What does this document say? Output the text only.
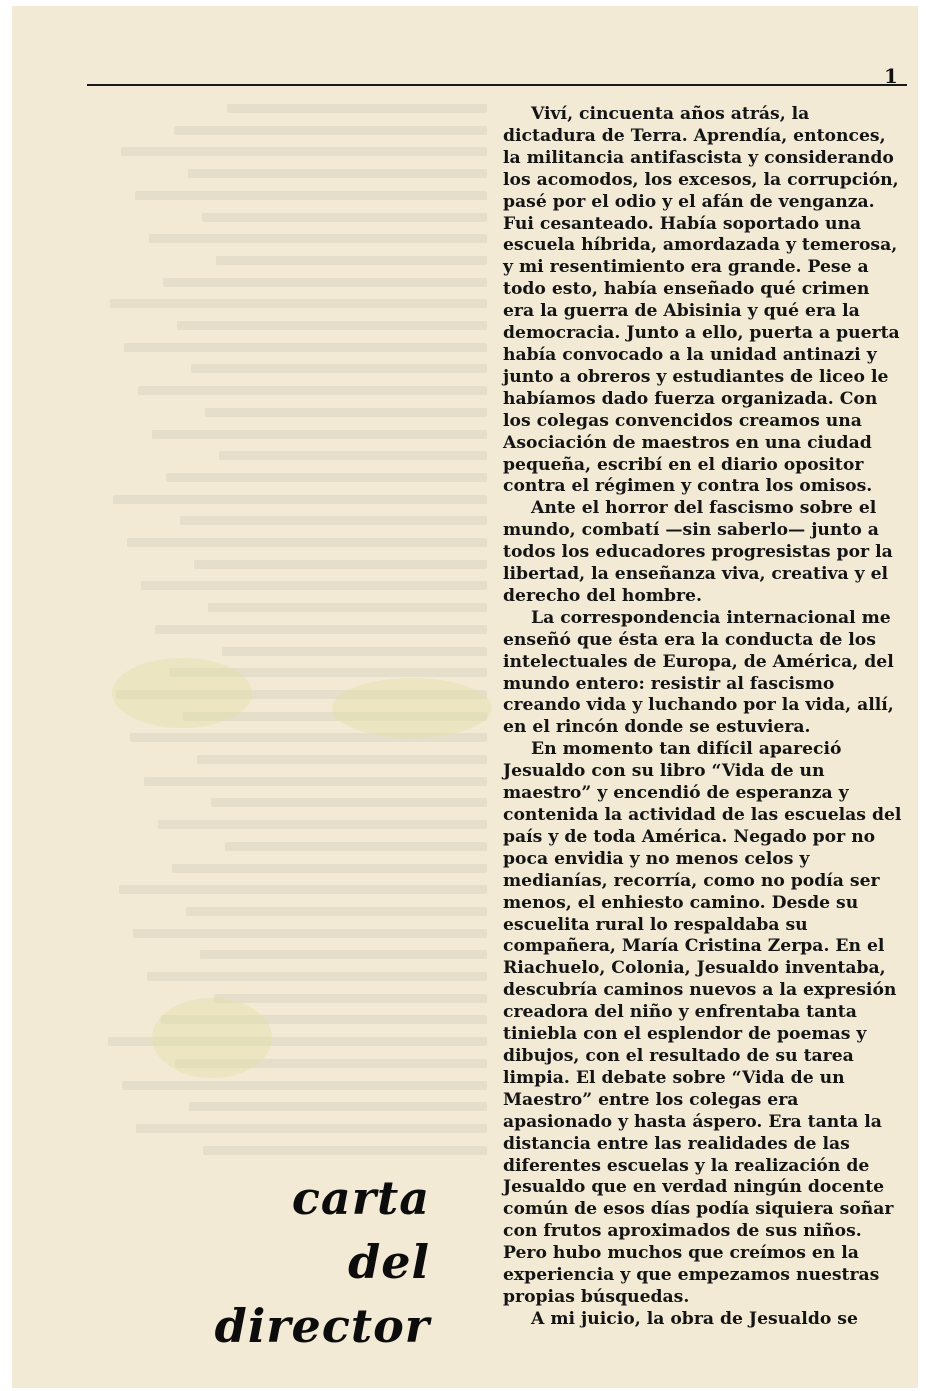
1

Viví, cincuenta años atrás, la dictadura de Terra. Aprendía, entonces, la militancia antifascista y considerando los acomodos, los excesos, la corrupción, pasé por el odio y el afán de venganza. Fui cesanteado. Había soportado una escuela híbrida, amordazada y temerosa, y mi resentimiento era grande. Pese a todo esto, había enseñado qué crimen era la guerra de Abisinia y qué era la democracia. Junto a ello, puerta a puerta había convocado a la unidad antinazi y junto a obreros y estudiantes de liceo le habíamos dado fuerza organizada. Con los colegas convencidos creamos una Asociación de maestros en una ciudad pequeña, escribí en el diario opositor contra el régimen y contra los omisos.

Ante el horror del fascismo sobre el mundo, combatí —sin saberlo— junto a todos los educadores progresistas por la libertad, la enseñanza viva, creativa y el derecho del hombre.

La correspondencia internacional me enseñó que ésta era la conducta de los intelectuales de Europa, de América, del mundo entero: resistir al fascismo creando vida y luchando por la vida, allí, en el rincón donde se estuviera.

En momento tan difícil apareció Jesualdo con su libro “Vida de un maestro” y encendió de esperanza y contenida la actividad de las escuelas del país y de toda América. Negado por no poca envidia y no menos celos y medianías, recorría, como no podía ser menos, el enhiesto camino. Desde su escuelita rural lo respaldaba su compañera, María Cristina Zerpa. En el Riachuelo, Colonia, Jesualdo inventaba, descubría caminos nuevos a la expresión creadora del niño y enfrentaba tanta tiniebla con el esplendor de poemas y dibujos, con el resultado de su tarea limpia. El debate sobre “Vida de un Maestro” entre los colegas era apasionado y hasta áspero. Era tanta la distancia entre las realidades de las diferentes escuelas y la realización de Jesualdo que en verdad ningún docente común de esos días podía siquiera soñar con frutos aproximados de sus niños. Pero hubo muchos que creímos en la experiencia y que empezamos nuestras propias búsquedas.

A mi juicio, la obra de Jesualdo se

carta
del
director
